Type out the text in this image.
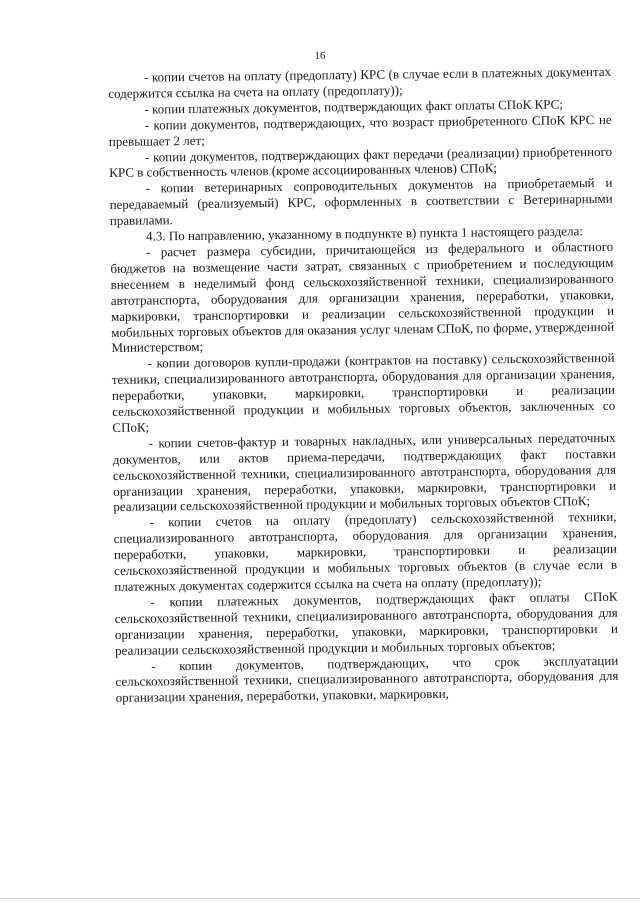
16

- копии счетов на оплату (предоплату) КРС (в случае если в платежных документах содержится ссылка на счета на оплату (предоплату));

- копии платежных документов, подтверждающих факт оплаты СПоК КРС;

- копии документов, подтверждающих, что возраст приобретенного СПоК КРС не превышает 2 лет;

- копии документов, подтверждающих факт передачи (реализации) приобретенного КРС в собственность членов (кроме ассоциированных членов) СПоК;

- копии ветеринарных сопроводительных документов на приобретаемый и передаваемый (реализуемый) КРС, оформленных в соответствии с Ветеринарными правилами.

4.3. По направлению, указанному в подпункте в) пункта 1 настоящего раздела:

- расчет размера субсидии, причитающейся из федерального и областного бюджетов на возмещение части затрат, связанных с приобретением и последующим внесением в неделимый фонд сельскохозяйственной техники, специализированного автотранспорта, оборудования для организации хранения, переработки, упаковки, маркировки, транспортировки и реализации сельскохозяйственной продукции и мобильных торговых объектов для оказания услуг членам СПоК, по форме, утвержденной Министерством;

- копии договоров купли-продажи (контрактов на поставку) сельскохозяйственной техники, специализированного автотранспорта, оборудования для организации хранения, переработки, упаковки, маркировки, транспортировки и реализации сельскохозяйственной продукции и мобильных торговых объектов, заключенных со СПоК;

- копии счетов-фактур и товарных накладных, или универсальных передаточных документов, или актов приема-передачи, подтверждающих факт поставки сельскохозяйственной техники, специализированного автотранспорта, оборудования для организации хранения, переработки, упаковки, маркировки, транспортировки и реализации сельскохозяйственной продукции и мобильных торговых объектов СПоК;

- копии счетов на оплату (предоплату) сельскохозяйственной техники, специализированного автотранспорта, оборудования для организации хранения, переработки, упаковки, маркировки, транспортировки и реализации сельскохозяйственной продукции и мобильных торговых объектов (в случае если в платежных документах содержится ссылка на счета на оплату (предоплату));

- копии платежных документов, подтверждающих факт оплаты СПоК сельскохозяйственной техники, специализированного автотранспорта, оборудования для организации хранения, переработки, упаковки, маркировки, транспортировки и реализации сельскохозяйственной продукции и мобильных торговых объектов;

- копии документов, подтверждающих, что срок эксплуатации сельскохозяйственной техники, специализированного автотранспорта, оборудования для организации хранения, переработки, упаковки, маркировки,
